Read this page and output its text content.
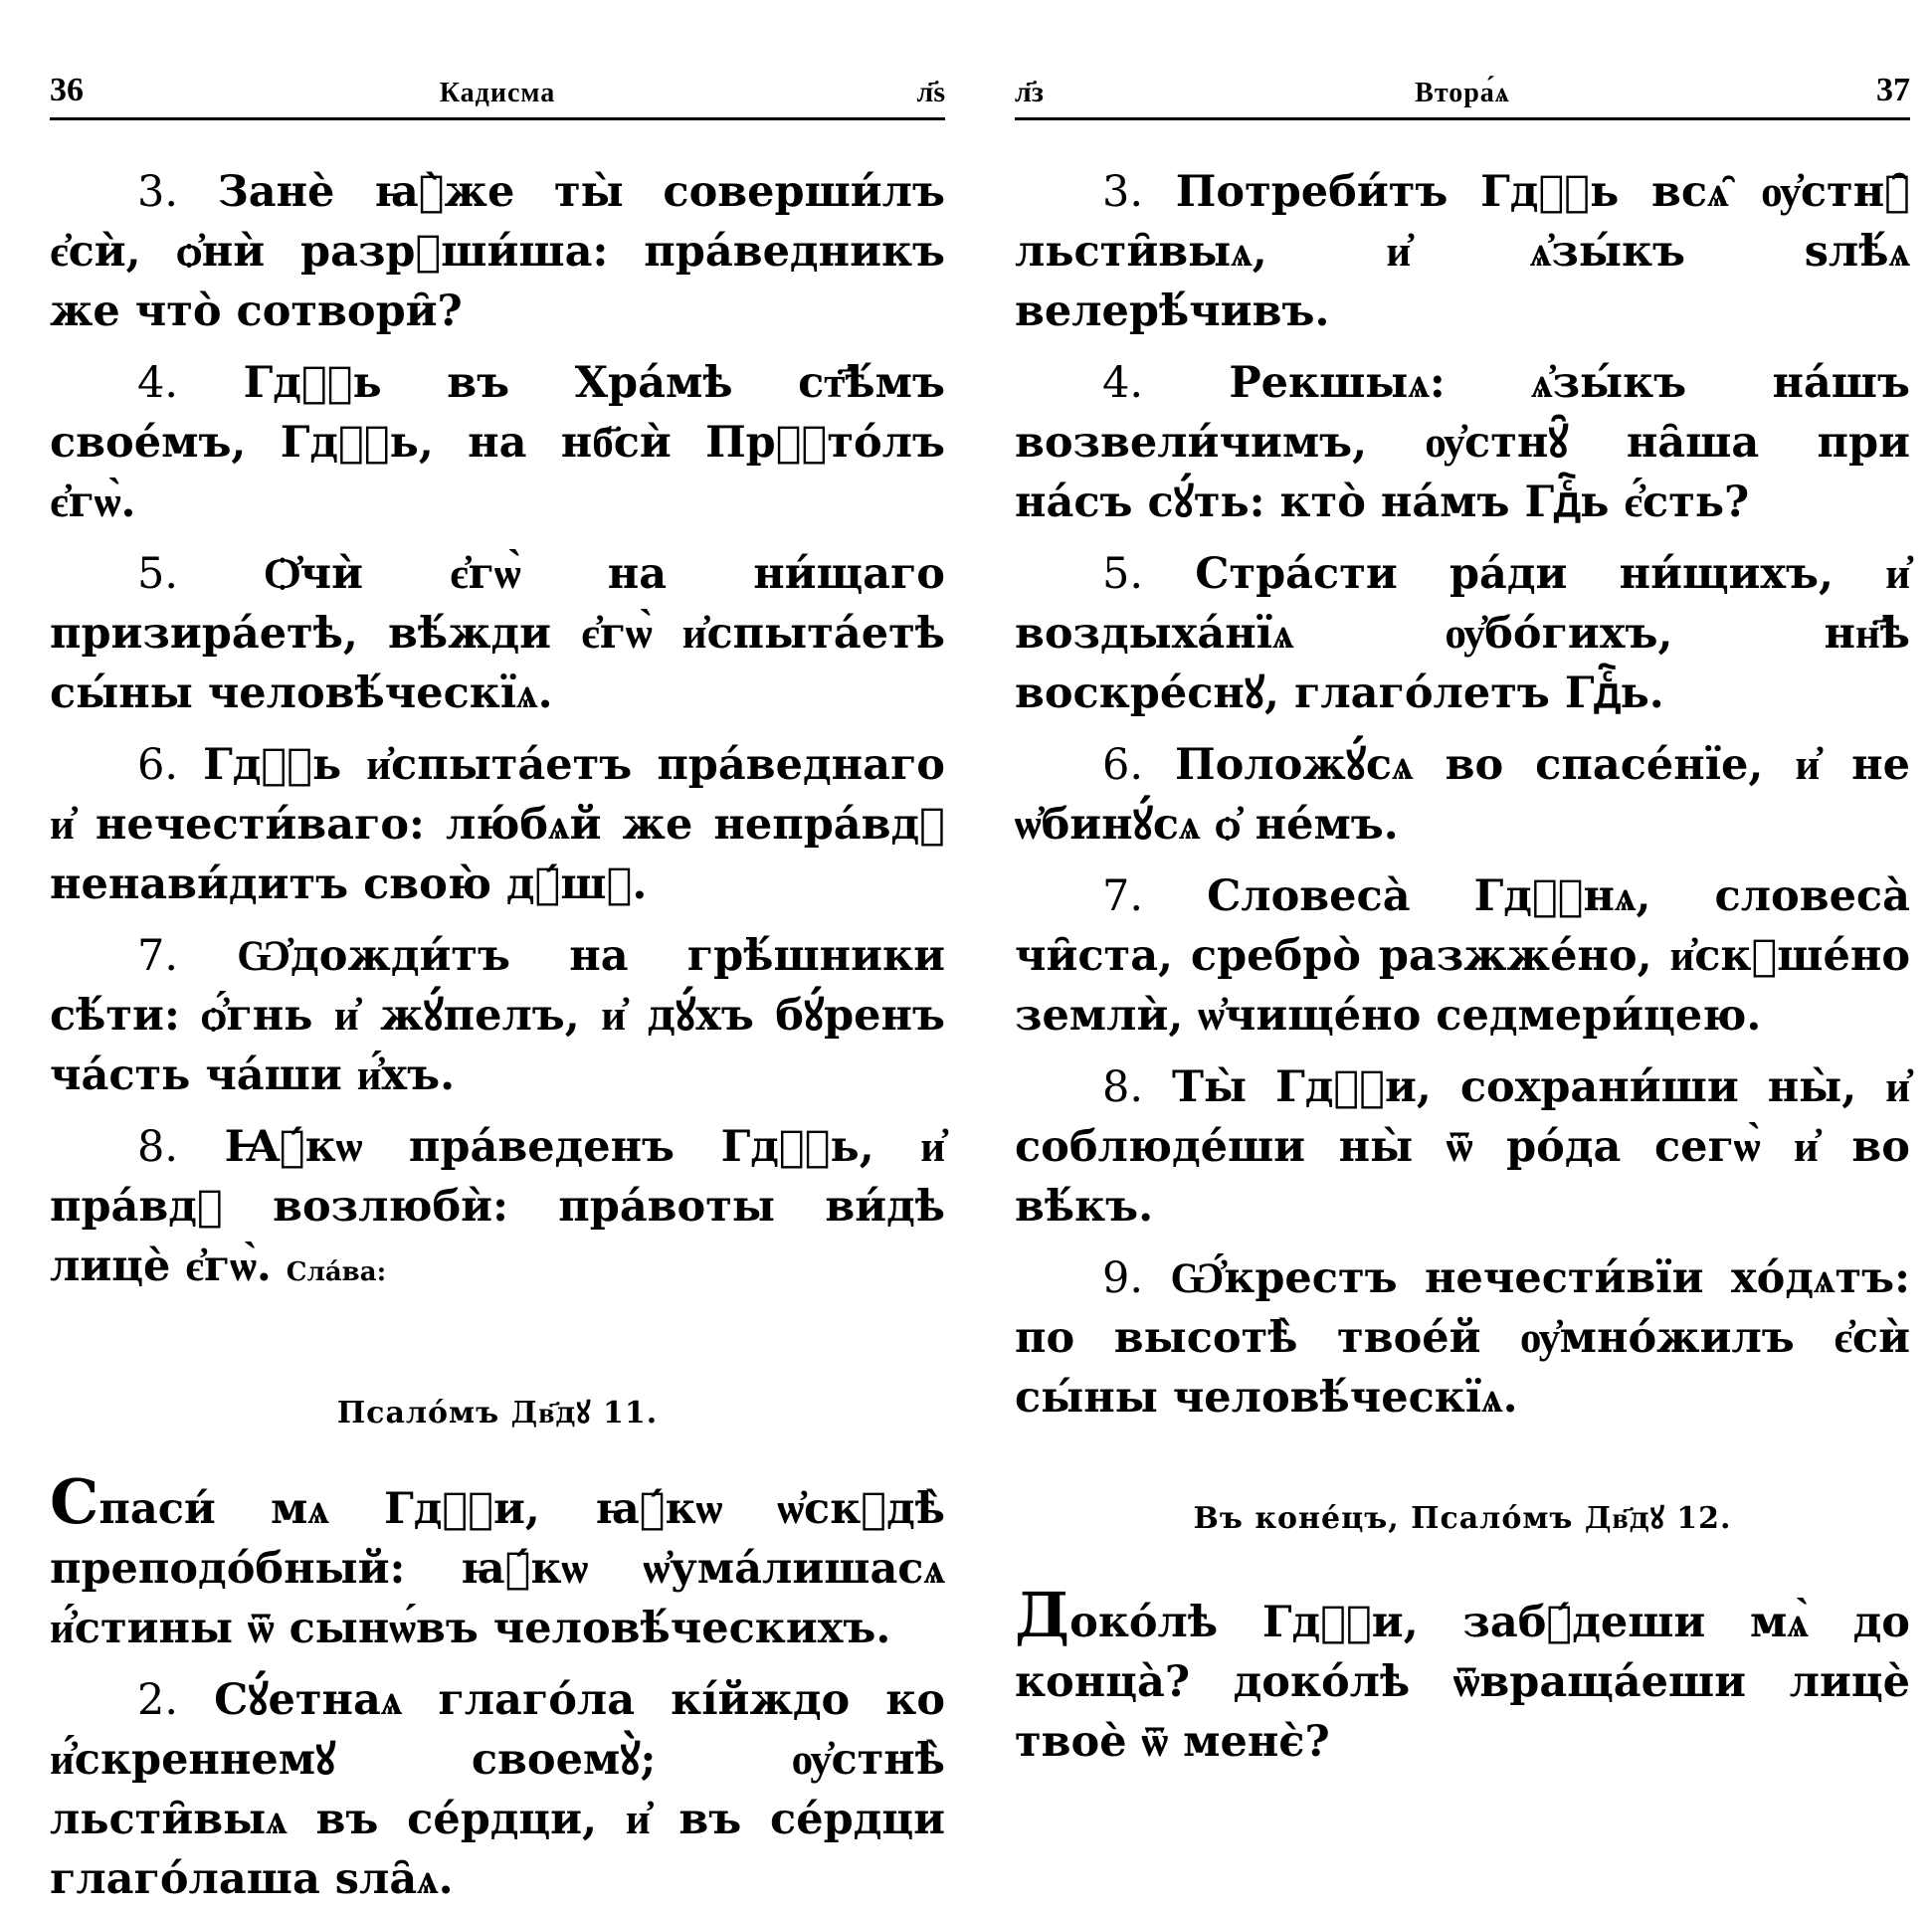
36	Кадисма	л҃ѕ

3. Занѐ ꙗ҆̀же ты̀ соверши́лъ є҆сѝ, ѻ҆нѝ разрꙋши́ша: пра́ведникъ же что̀ сотвори̑?

4. Гдⷭ҇ь въ Хра́мѣ ст҃ѣ́мъ свое́мъ, Гдⷭ҇ь, на нб҃сѝ Прⷭ҇то́лъ є҆гѡ̀.

5. Ѻ҆чѝ є҆гѡ̀ на ни́щаго призира́етѣ, вѣ́жди є҆гѡ̀ и҆спыта́етѣ сы́ны человѣ́ческїѧ.

6. Гдⷭ҇ь и҆спыта́етъ пра́веднаго и҆ нечести́ваго: лю́бѧй же непра́вдꙋ ненави́дитъ свою̀ дꙋ́шꙋ.

7. Ѡ҆дожди́тъ на грѣ́шники сѣ́ти: ѻ҆́гнь и҆ жꙋ́пелъ, и҆ дꙋ́хъ бꙋ́ренъ ча́сть ча́ши и҆́хъ.

8. Ꙗ҆́кѡ пра́веденъ Гдⷭ҇ь, и҆ пра́вдꙋ возлюбѝ: пра́воты ви́дѣ лицѐ є҆гѡ̀. Сла́ва:

Псало́мъ Дв҃дꙋ 11.

Спаси́ мѧ Гдⷭ҇и, ꙗ҆́кѡ ѡ҆скꙋдѣ̀ преподо́бный: ꙗ҆́кѡ ѡ҆ума́лишасѧ и҆́стины ѿ сынѡ́въ человѣ́ческихъ.

2. Сꙋ́етнаѧ глаго́ла кі́йждо ко и҆́скреннемꙋ своемꙋ̀; ѹ҆стнѣ̀ льсти̑выѧ въ се́рдци, и҆ въ се́рдци глаго́лаша ѕла̑ѧ.

л҃з	Втора́ѧ	37

3. Потреби́тъ Гдⷭ҇ь всѧ̑ ѹ҆стнꙋ̑ льсти̑выѧ, и҆ ѧ҆зы́къ ѕлѣ́ѧ велерѣ́чивъ.

4. Рекшыѧ: ѧ҆зы́къ на́шъ возвели́чимъ, ѹ҆стнꙋ̑ на̑ша при на́съ сꙋ́ть: кто̀ на́мъ Гдⷭ҇ь є҆́сть?

5. Стра́сти ра́ди ни́щихъ, и҆ воздыха́нїѧ ѹ҆бо́гихъ, нн҃ѣ воскре́снꙋ, глаго́летъ Гдⷭ҇ь.

6. Положꙋ́сѧ во спасе́нїе, и҆ не ѡ҆бинꙋ́сѧ ѻ҆ не́мъ.

7. Словеса̀ Гдⷭ҇нѧ, словеса̀ чи̑ста, сребро̀ разжже́но, и҆скꙋше́но землѝ, ѡ҆чище́но седмери́цею.

8. Ты̀ Гдⷭ҇и, сохрани́ши ны̀, и҆ соблюде́ши ны̀ ѿ ро́да сегѡ̀ и҆ во вѣ́къ.

9. Ѡ҆́крестъ нечести́вїи хо́дѧтъ: по высотѣ̀ твое́й ѹ҆мно́жилъ є҆сѝ сы́ны человѣ́ческїѧ.

Въ коне́цъ, Псало́мъ Дв҃дꙋ 12.

Доко́лѣ Гдⷭ҇и, забꙋ́деши мѧ̀ до конца̀? доко́лѣ ѿвраща́еши лицѐ твоѐ ѿ менє̀?
